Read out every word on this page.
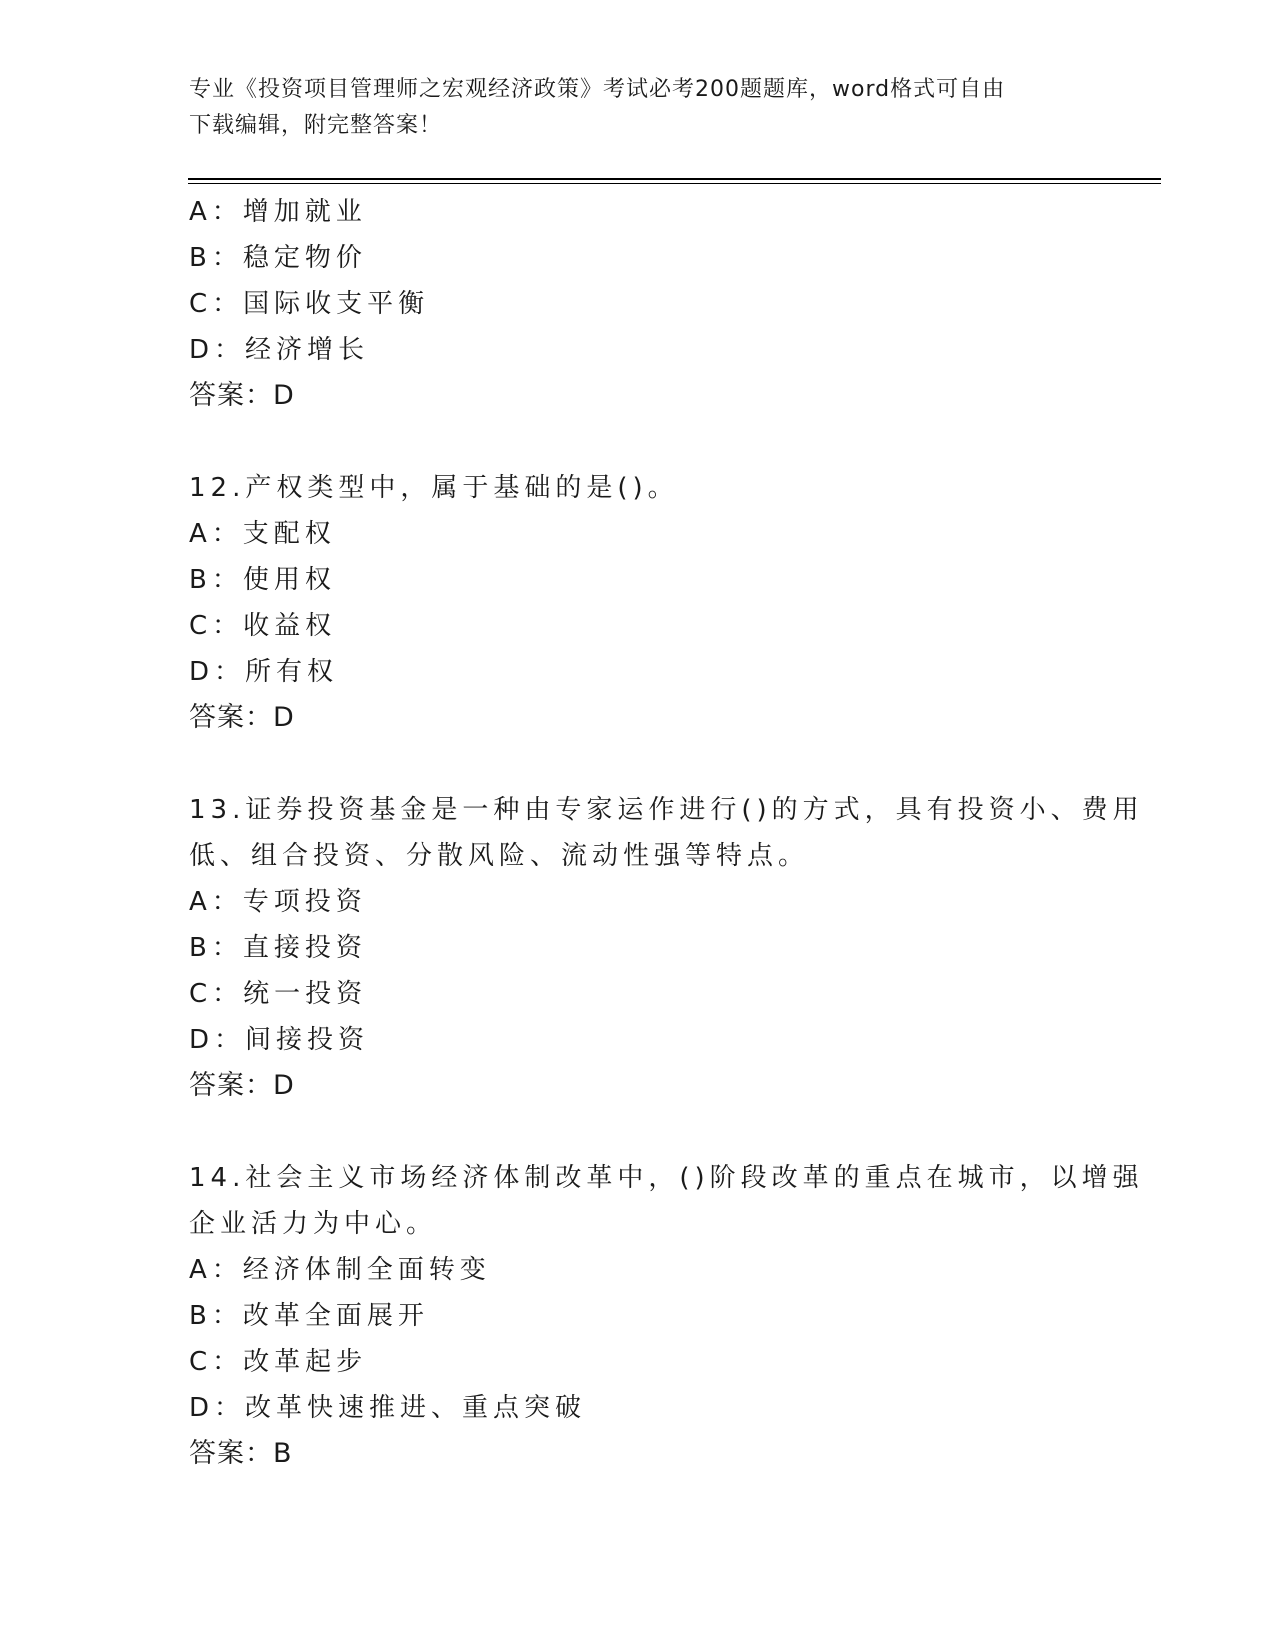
专业《投资项目管理师之宏观经济政策》考试必考200题题库，word格式可自由
下载编辑，附完整答案！
A：增加就业
B：稳定物价
C：国际收支平衡
D：经济增长
答案：D
12.产权类型中，属于基础的是()。
A：支配权
B：使用权
C：收益权
D：所有权
答案：D
13.证券投资基金是一种由专家运作进行()的方式，具有投资小、费用
低、组合投资、分散风险、流动性强等特点。
A：专项投资
B：直接投资
C：统一投资
D：间接投资
答案：D
14.社会主义市场经济体制改革中，()阶段改革的重点在城市，以增强
企业活力为中心。
A：经济体制全面转变
B：改革全面展开
C：改革起步
D：改革快速推进、重点突破
答案：B
